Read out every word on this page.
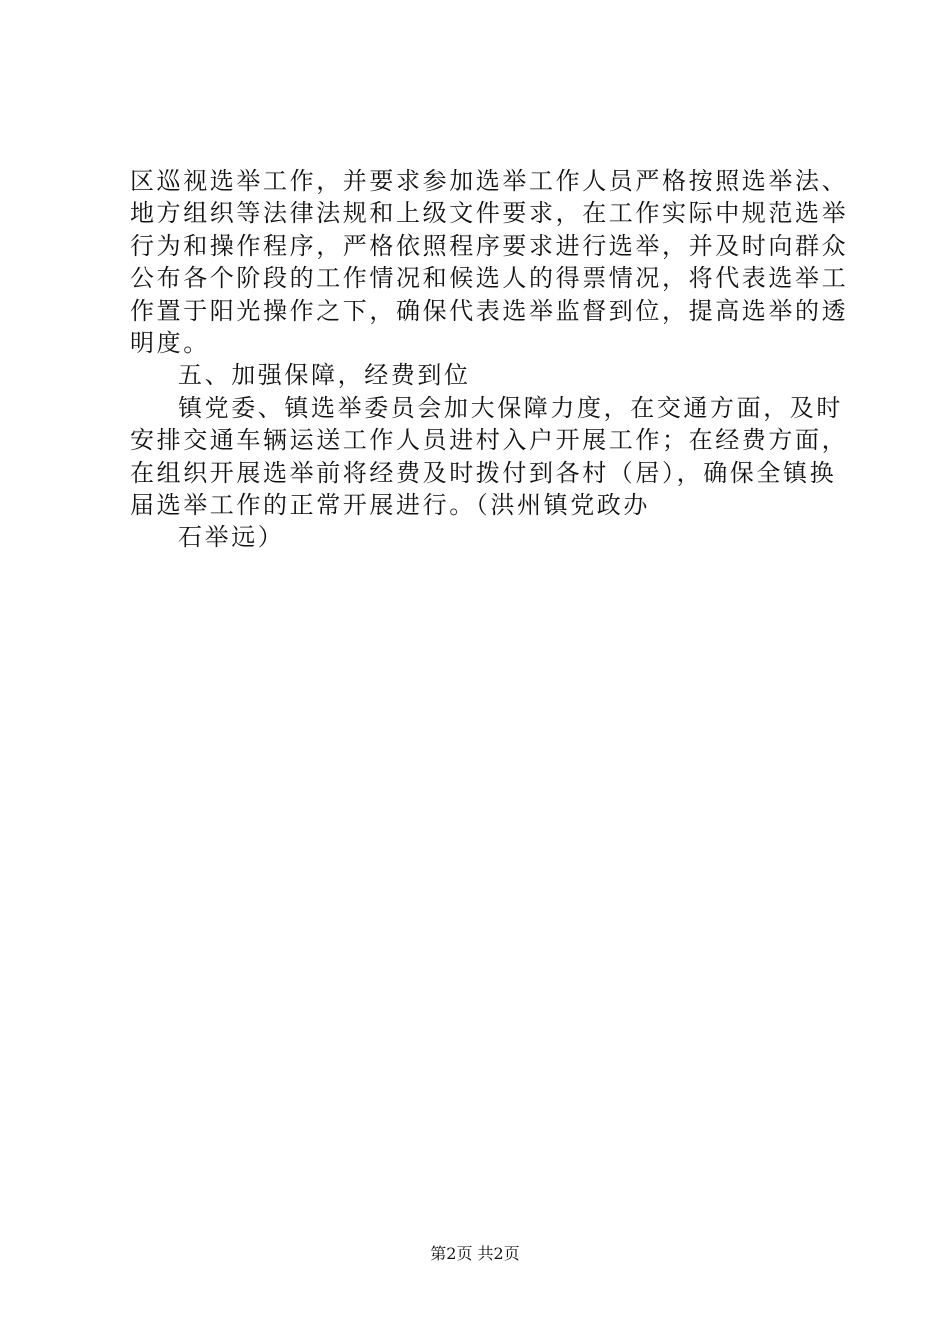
区巡视选举工作，并要求参加选举工作人员严格按照选举法、
地方组织等法律法规和上级文件要求，在工作实际中规范选举
行为和操作程序，严格依照程序要求进行选举，并及时向群众
公布各个阶段的工作情况和候选人的得票情况，将代表选举工
作置于阳光操作之下，确保代表选举监督到位，提高选举的透
明度。
五、加强保障，经费到位
镇党委、镇选举委员会加大保障力度，在交通方面，及时
安排交通车辆运送工作人员进村入户开展工作；在经费方面，
在组织开展选举前将经费及时拨付到各村（居），确保全镇换
届选举工作的正常开展进行。（洪州镇党政办
石举远）
第2页 共2页
